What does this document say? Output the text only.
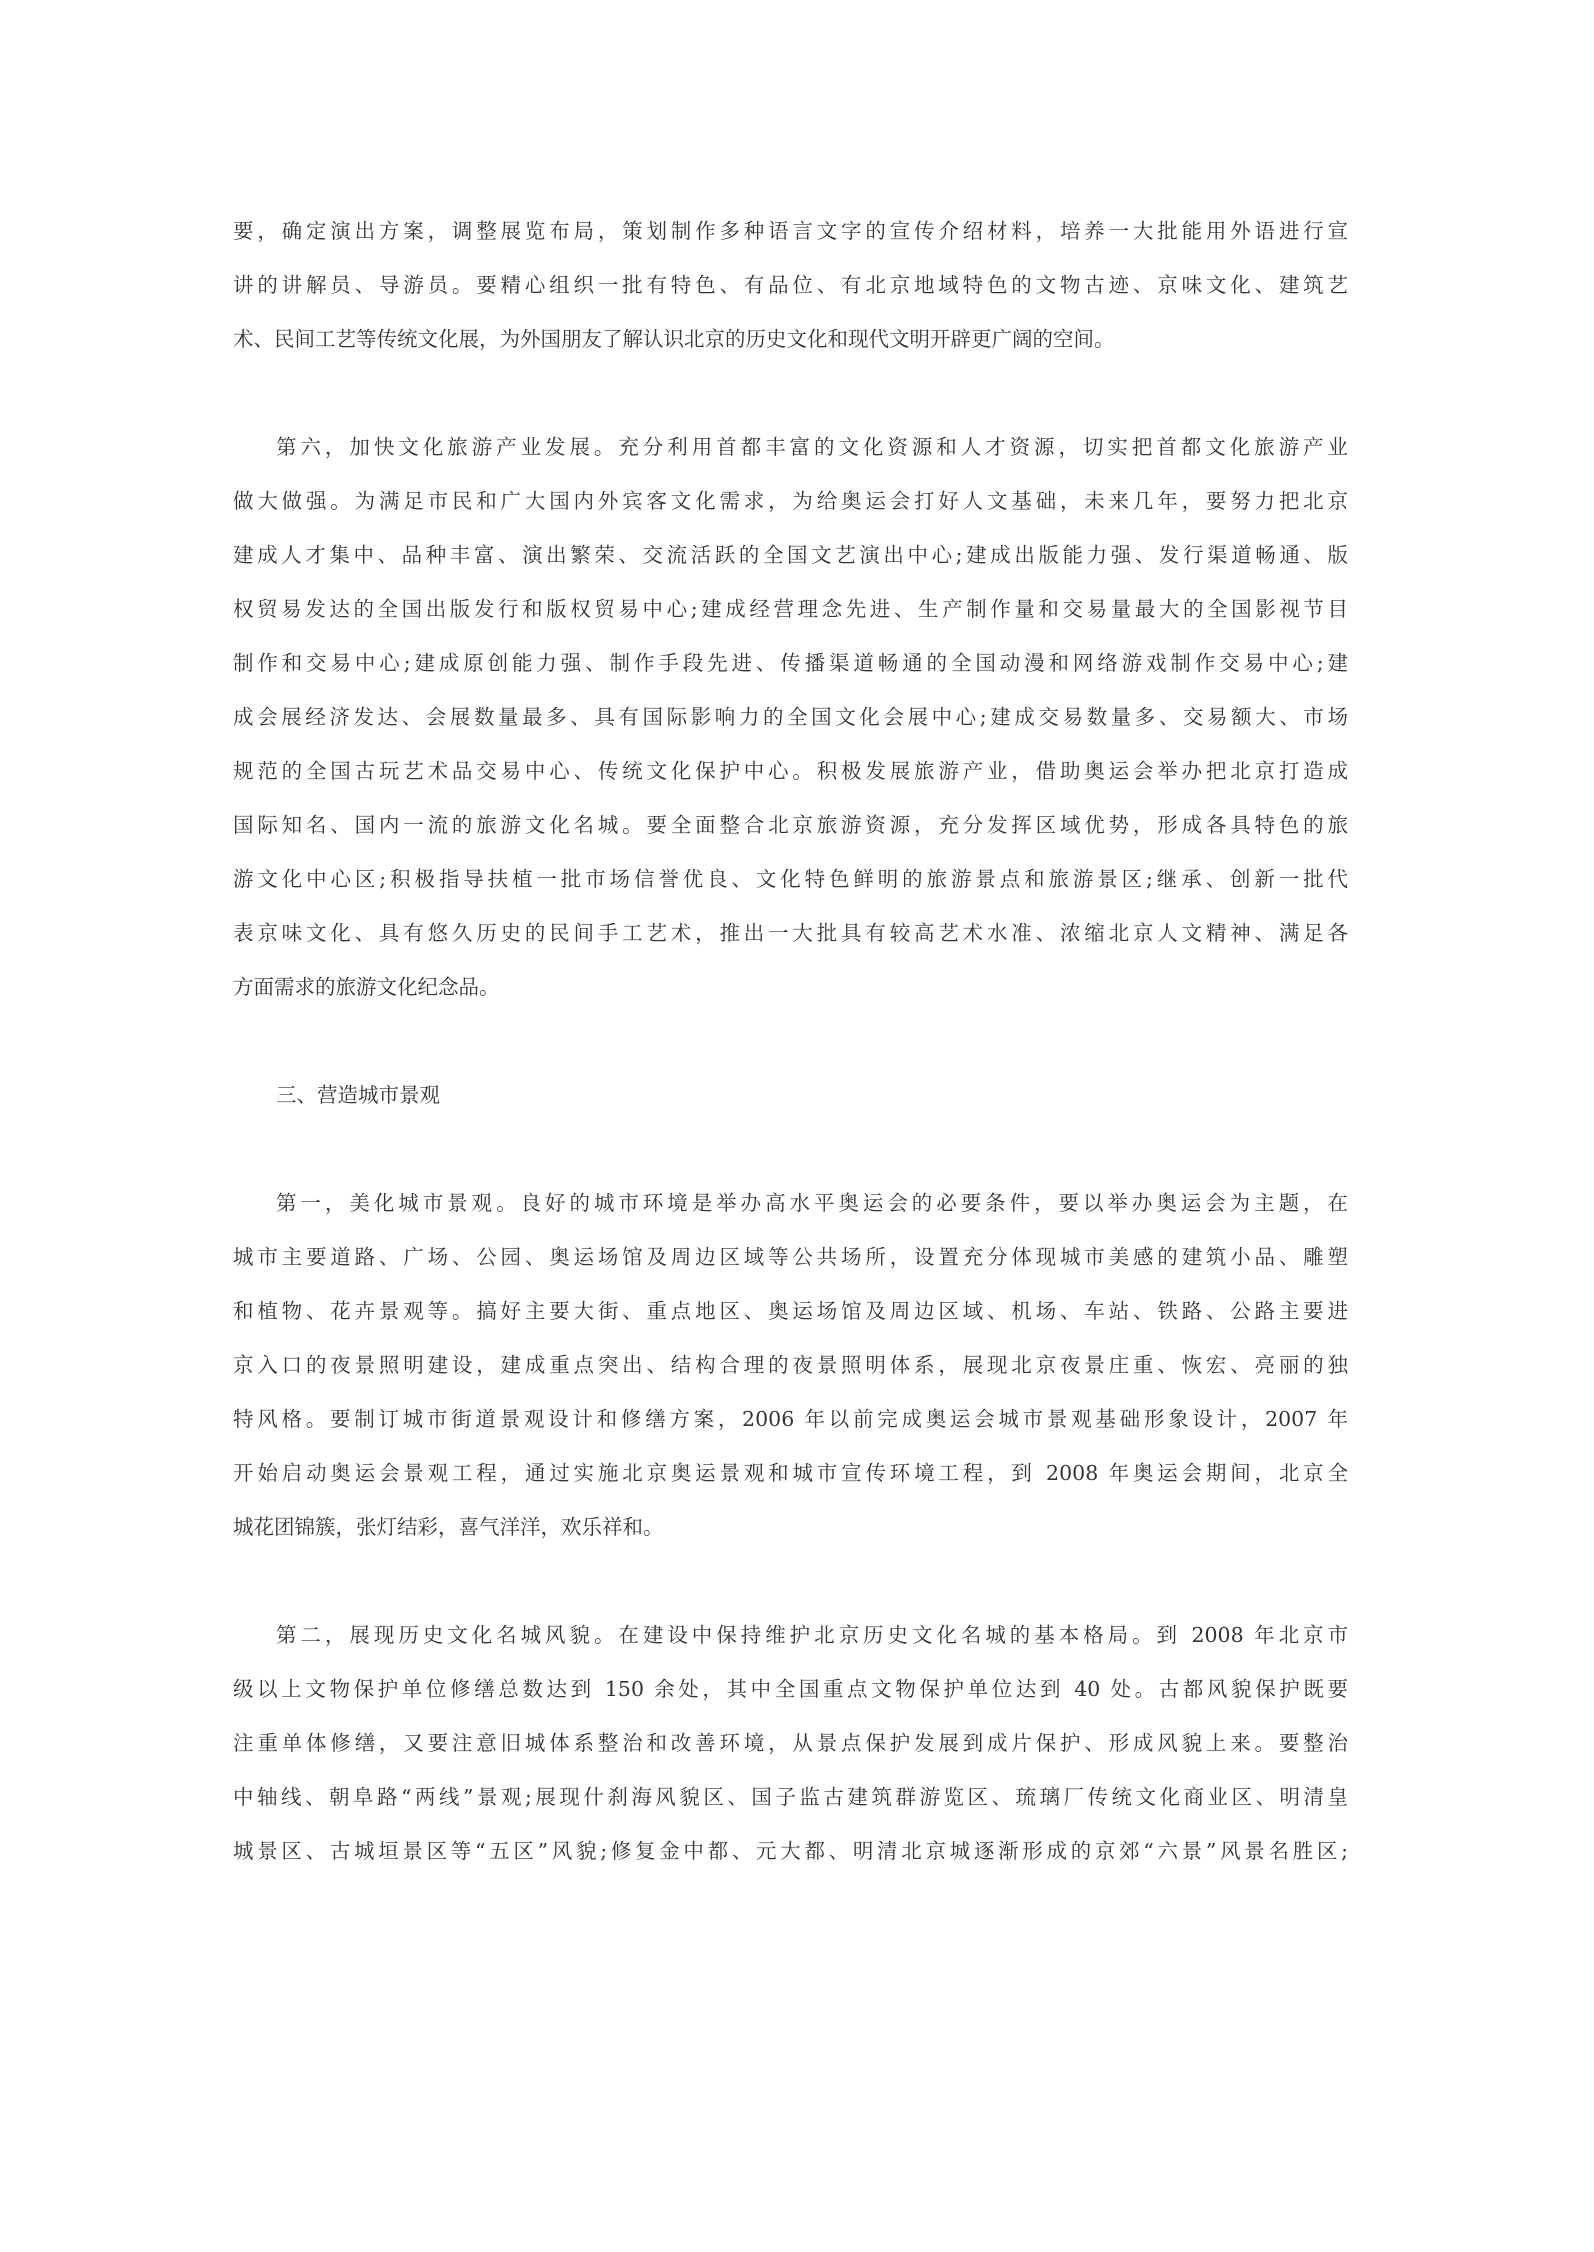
要，确定演出方案，调整展览布局，策划制作多种语言文字的宣传介绍材料，培养一大批能用外语进行宣
讲的讲解员、导游员。要精心组织一批有特色、有品位、有北京地域特色的文物古迹、京味文化、建筑艺
术、民间工艺等传统文化展，为外国朋友了解认识北京的历史文化和现代文明开辟更广阔的空间。
第六，加快文化旅游产业发展。充分利用首都丰富的文化资源和人才资源，切实把首都文化旅游产业
做大做强。为满足市民和广大国内外宾客文化需求，为给奥运会打好人文基础，未来几年，要努力把北京
建成人才集中、品种丰富、演出繁荣、交流活跃的全国文艺演出中心;建成出版能力强、发行渠道畅通、版
权贸易发达的全国出版发行和版权贸易中心;建成经营理念先进、生产制作量和交易量最大的全国影视节目
制作和交易中心;建成原创能力强、制作手段先进、传播渠道畅通的全国动漫和网络游戏制作交易中心;建
成会展经济发达、会展数量最多、具有国际影响力的全国文化会展中心;建成交易数量多、交易额大、市场
规范的全国古玩艺术品交易中心、传统文化保护中心。积极发展旅游产业，借助奥运会举办把北京打造成
国际知名、国内一流的旅游文化名城。要全面整合北京旅游资源，充分发挥区域优势，形成各具特色的旅
游文化中心区;积极指导扶植一批市场信誉优良、文化特色鲜明的旅游景点和旅游景区;继承、创新一批代
表京味文化、具有悠久历史的民间手工艺术，推出一大批具有较高艺术水准、浓缩北京人文精神、满足各
方面需求的旅游文化纪念品。
三、营造城市景观
第一，美化城市景观。良好的城市环境是举办高水平奥运会的必要条件，要以举办奥运会为主题，在
城市主要道路、广场、公园、奥运场馆及周边区域等公共场所，设置充分体现城市美感的建筑小品、雕塑
和植物、花卉景观等。搞好主要大街、重点地区、奥运场馆及周边区域、机场、车站、铁路、公路主要进
京入口的夜景照明建设，建成重点突出、结构合理的夜景照明体系，展现北京夜景庄重、恢宏、亮丽的独
特风格。要制订城市街道景观设计和修缮方案，2006 年以前完成奥运会城市景观基础形象设计，2007 年
开始启动奥运会景观工程，通过实施北京奥运景观和城市宣传环境工程，到 2008 年奥运会期间，北京全
城花团锦簇，张灯结彩，喜气洋洋，欢乐祥和。
第二，展现历史文化名城风貌。在建设中保持维护北京历史文化名城的基本格局。到 2008 年北京市
级以上文物保护单位修缮总数达到 150 余处，其中全国重点文物保护单位达到 40 处。古都风貌保护既要
注重单体修缮，又要注意旧城体系整治和改善环境，从景点保护发展到成片保护、形成风貌上来。要整治
中轴线、朝阜路“两线”景观;展现什刹海风貌区、国子监古建筑群游览区、琉璃厂传统文化商业区、明清皇
城景区、古城垣景区等“五区”风貌;修复金中都、元大都、明清北京城逐渐形成的京郊“六景”风景名胜区;
